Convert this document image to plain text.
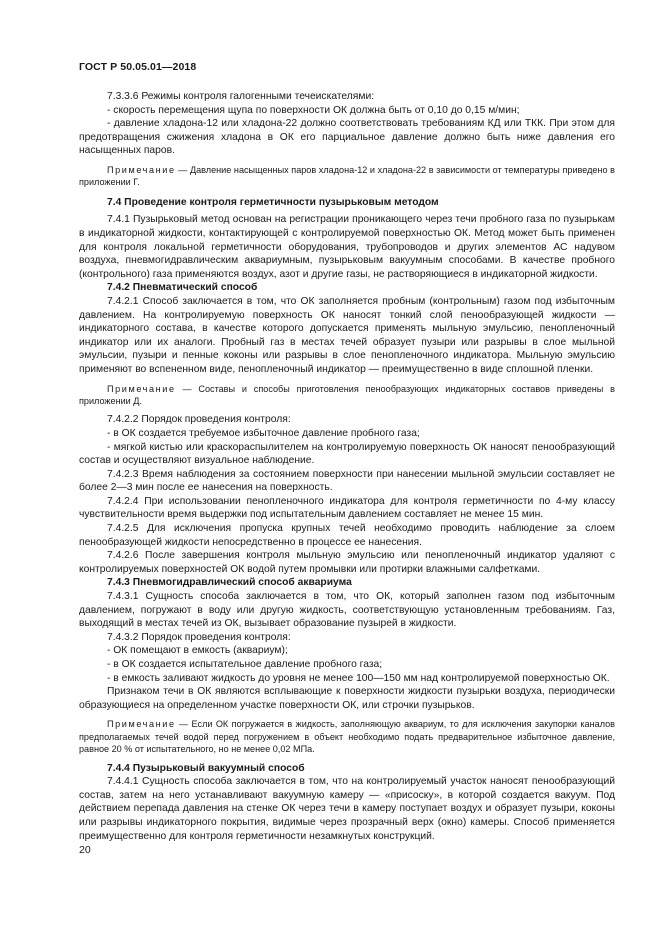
ГОСТ Р 50.05.01—2018

7.3.3.6 Режимы контроля галогенными течеискателями:

- скорость перемещения щупа по поверхности ОК должна быть от 0,10 до 0,15 м/мин;

- давление хладона-12 или хладона-22 должно соответствовать требованиям КД или ТКК. При этом для предотвращения сжижения хладона в ОК его парциальное давление должно быть ниже давления его насыщенных паров.

Примечание — Давление насыщенных паров хладона-12 и хладона-22 в зависимости от температуры приведено в приложении Г.

7.4 Проведение контроля герметичности пузырьковым методом

7.4.1 Пузырьковый метод основан на регистрации проникающего через течи пробного газа по пузырькам в индикаторной жидкости, контактирующей с контролируемой поверхностью ОК. Метод может быть применен для контроля локальной герметичности оборудования, трубопроводов и других элементов АС надувом воздуха, пневмогидравлическим аквариумным, пузырьковым вакуумным способами. В качестве пробного (контрольного) газа применяются воздух, азот и другие газы, не растворяющиеся в индикаторной жидкости.

7.4.2 Пневматический способ

7.4.2.1 Способ заключается в том, что ОК заполняется пробным (контрольным) газом под избыточным давлением. На контролируемую поверхность ОК наносят тонкий слой пенообразующей жидкости — индикаторного состава, в качестве которого допускается применять мыльную эмульсию, пенопленочный индикатор или их аналоги. Пробный газ в местах течей образует пузыри или разрывы в слое мыльной эмульсии, пузыри и пенные коконы или разрывы в слое пенопленочного индикатора. Мыльную эмульсию применяют во вспененном виде, пенопленочный индикатор — преимущественно в виде сплошной пленки.

Примечание — Составы и способы приготовления пенообразующих индикаторных составов приведены в приложении Д.

7.4.2.2 Порядок проведения контроля:

- в ОК создается требуемое избыточное давление пробного газа;

- мягкой кистью или краскораспылителем на контролируемую поверхность ОК наносят пенообразующий состав и осуществляют визуальное наблюдение.

7.4.2.3 Время наблюдения за состоянием поверхности при нанесении мыльной эмульсии составляет не более 2—3 мин после ее нанесения на поверхность.

7.4.2.4 При использовании пенопленочного индикатора для контроля герметичности по 4-му классу чувствительности время выдержки под испытательным давлением составляет не менее 15 мин.

7.4.2.5 Для исключения пропуска крупных течей необходимо проводить наблюдение за слоем пенообразующей жидкости непосредственно в процессе ее нанесения.

7.4.2.6 После завершения контроля мыльную эмульсию или пенопленочный индикатор удаляют с контролируемых поверхностей ОК водой путем промывки или протирки влажными салфетками.

7.4.3 Пневмогидравлический способ аквариума

7.4.3.1 Сущность способа заключается в том, что ОК, который заполнен газом под избыточным давлением, погружают в воду или другую жидкость, соответствующую установленным требованиям. Газ, выходящий в местах течей из ОК, вызывает образование пузырей в жидкости.

7.4.3.2 Порядок проведения контроля:

- ОК помещают в емкость (аквариум);

- в ОК создается испытательное давление пробного газа;

- в емкость заливают жидкость до уровня не менее 100—150 мм над контролируемой поверхностью ОК.

Признаком течи в ОК являются всплывающие к поверхности жидкости пузырьки воздуха, периодически образующиеся на определенном участке поверхности ОК, или строчки пузырьков.

Примечание — Если ОК погружается в жидкость, заполняющую аквариум, то для исключения закупорки каналов предполагаемых течей водой перед погружением в объект необходимо подать предварительное избыточное давление, равное 20 % от испытательного, но не менее 0,02 МПа.

7.4.4 Пузырьковый вакуумный способ

7.4.4.1 Сущность способа заключается в том, что на контролируемый участок наносят пенообразующий состав, затем на него устанавливают вакуумную камеру — «присоску», в которой создается вакуум. Под действием перепада давления на стенке ОК через течи в камеру поступает воздух и образует пузыри, коконы или разрывы индикаторного покрытия, видимые через прозрачный верх (окно) камеры. Способ применяется преимущественно для контроля герметичности незамкнутых конструкций.

20
